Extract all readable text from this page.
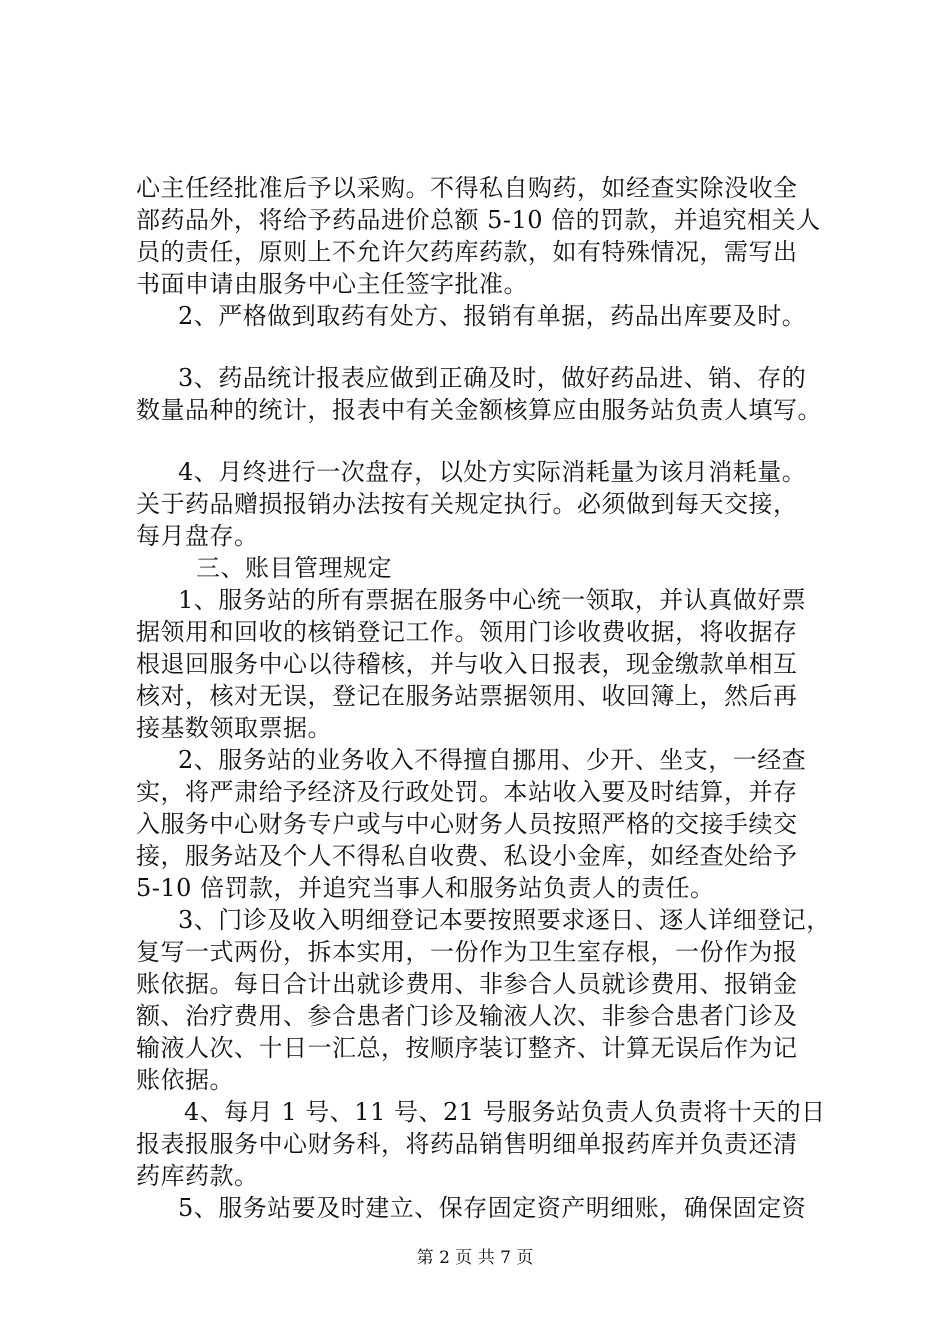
心主任经批准后予以采购。不得私自购药，如经查实除没收全
部药品外，将给予药品进价总额 5-10 倍的罚款，并追究相关人
员的责任，原则上不允许欠药库药款，如有特殊情况，需写出
书面申请由服务中心主任签字批准。
2、严格做到取药有处方、报销有单据，药品出库要及时。
3、药品统计报表应做到正确及时，做好药品进、销、存的
数量品种的统计，报表中有关金额核算应由服务站负责人填写。
4、月终进行一次盘存，以处方实际消耗量为该月消耗量。
关于药品赠损报销办法按有关规定执行。必须做到每天交接，
每月盘存。
三、账目管理规定
1、服务站的所有票据在服务中心统一领取，并认真做好票
据领用和回收的核销登记工作。领用门诊收费收据，将收据存
根退回服务中心以待稽核，并与收入日报表，现金缴款单相互
核对，核对无误，登记在服务站票据领用、收回簿上，然后再
接基数领取票据。
2、服务站的业务收入不得擅自挪用、少开、坐支，一经查
实，将严肃给予经济及行政处罚。本站收入要及时结算，并存
入服务中心财务专户或与中心财务人员按照严格的交接手续交
接，服务站及个人不得私自收费、私设小金库，如经查处给予
5-10 倍罚款，并追究当事人和服务站负责人的责任。
3、门诊及收入明细登记本要按照要求逐日、逐人详细登记，
复写一式两份，拆本实用，一份作为卫生室存根，一份作为报
账依据。每日合计出就诊费用、非参合人员就诊费用、报销金
额、治疗费用、参合患者门诊及输液人次、非参合患者门诊及
输液人次、十日一汇总，按顺序装订整齐、计算无误后作为记
账依据。
4、每月 1 号、11 号、21 号服务站负责人负责将十天的日
报表报服务中心财务科，将药品销售明细单报药库并负责还清
药库药款。
5、服务站要及时建立、保存固定资产明细账，确保固定资
第 2 页 共 7 页
